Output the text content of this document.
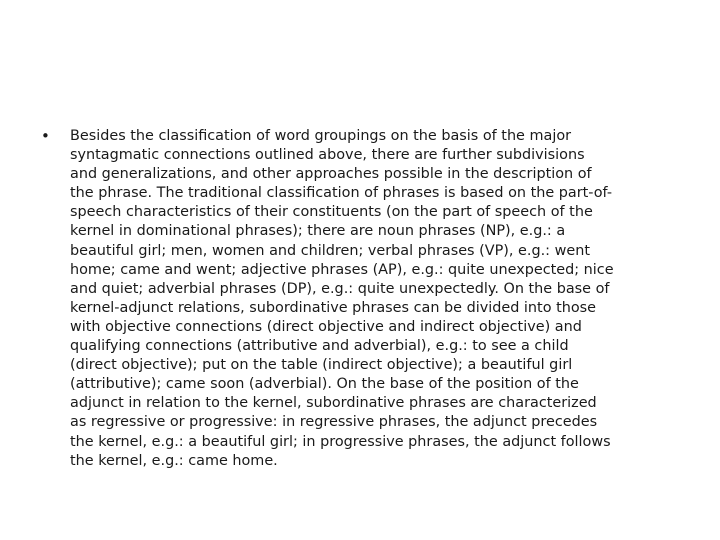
• Besides the classification of word groupings on the basis of the major
syntagmatic connections outlined above, there are further subdivisions
and generalizations, and other approaches possible in the description of
the phrase. The traditional classification of phrases is based on the part-of-
speech characteristics of their constituents (on the part of speech of the
kernel in dominational phrases); there are noun phrases (NP), e.g.: a
beautiful girl; men, women and children; verbal phrases (VP), e.g.: went
home; came and went; adjective phrases (AP), e.g.: quite unexpected; nice
and quiet; adverbial phrases (DP), e.g.: quite unexpectedly. On the base of
kernel-adjunct relations, subordinative phrases can be divided into those
with objective connections (direct objective and indirect objective) and
qualifying connections (attributive and adverbial), e.g.: to see a child
(direct objective); put on the table (indirect objective); a beautiful girl
(attributive); came soon (adverbial). On the base of the position of the
adjunct in relation to the kernel, subordinative phrases are characterized
as regressive or progressive: in regressive phrases, the adjunct precedes
the kernel, e.g.: a beautiful girl; in progressive phrases, the adjunct follows
the kernel, e.g.: came home.
